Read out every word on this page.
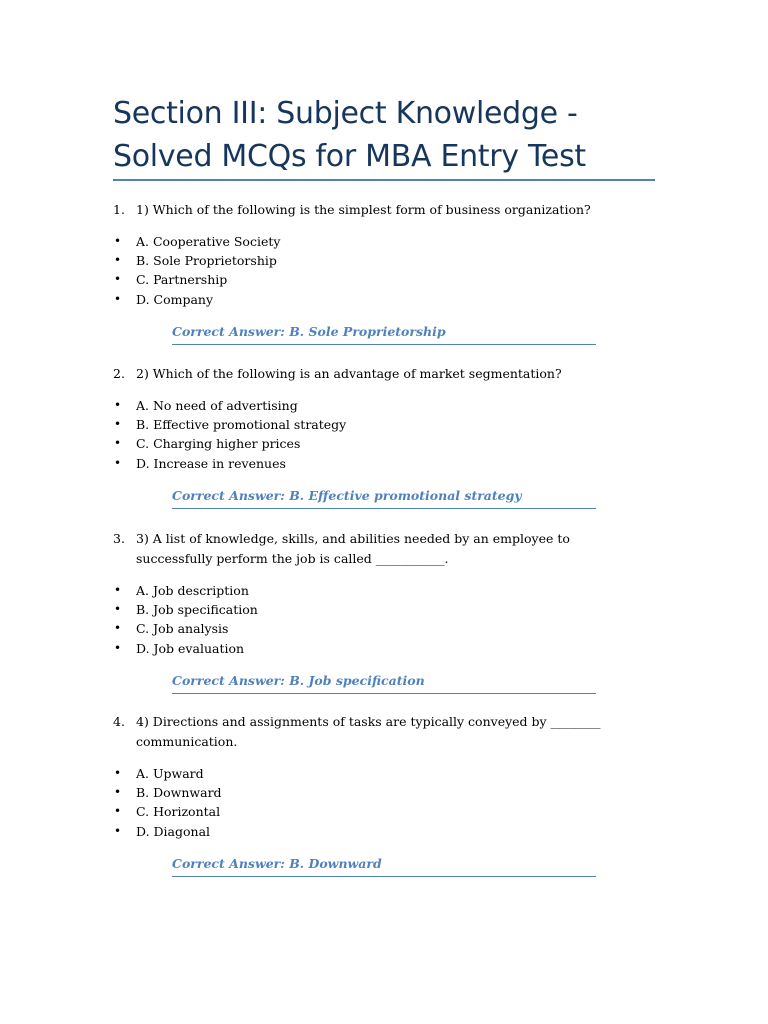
Section III: Subject Knowledge - Solved MCQs for MBA Entry Test
1. 1) Which of the following is the simplest form of business organization?
• A. Cooperative Society
• B. Sole Proprietorship
• C. Partnership
• D. Company
Correct Answer: B. Sole Proprietorship
2. 2) Which of the following is an advantage of market segmentation?
• A. No need of advertising
• B. Effective promotional strategy
• C. Charging higher prices
• D. Increase in revenues
Correct Answer: B. Effective promotional strategy
3. 3) A list of knowledge, skills, and abilities needed by an employee to successfully perform the job is called ___________.
• A. Job description
• B. Job specification
• C. Job analysis
• D. Job evaluation
Correct Answer: B. Job specification
4. 4) Directions and assignments of tasks are typically conveyed by ________ communication.
• A. Upward
• B. Downward
• C. Horizontal
• D. Diagonal
Correct Answer: B. Downward
